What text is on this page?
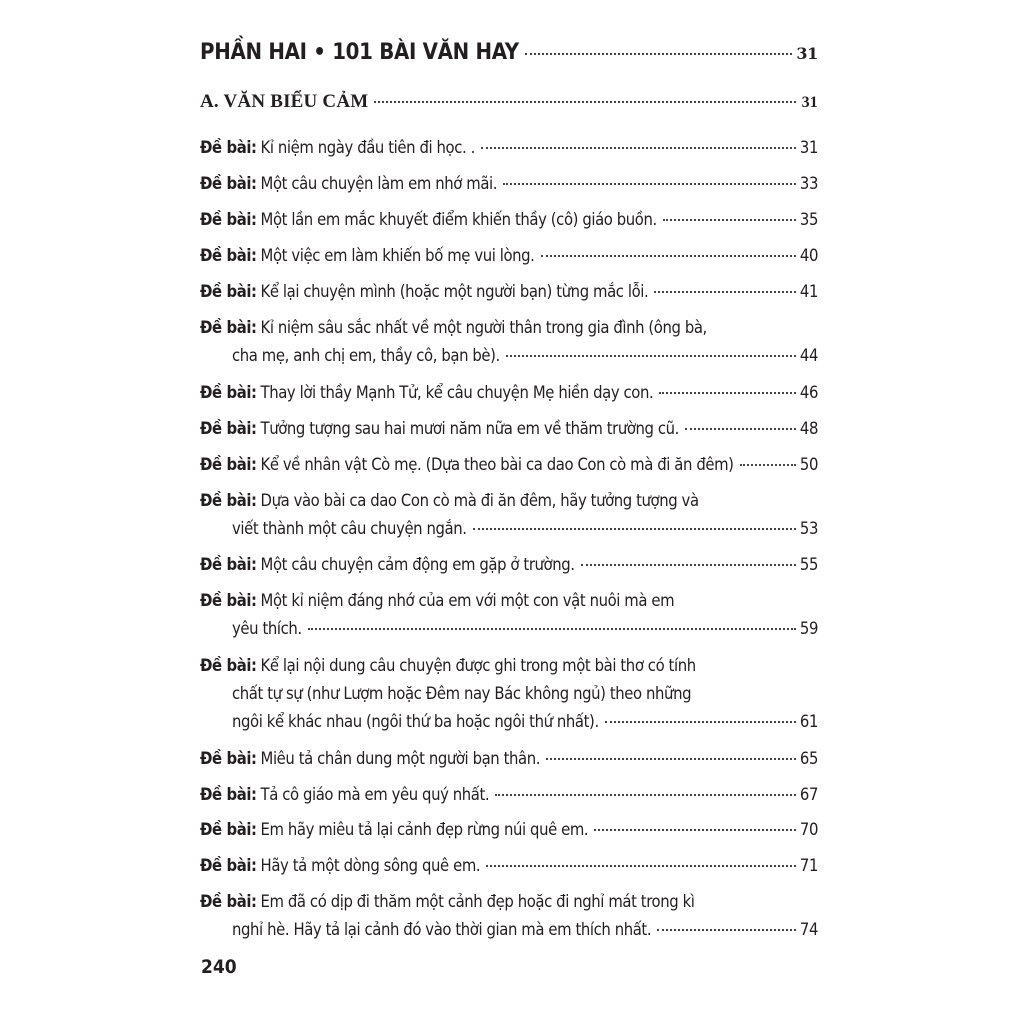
PHẦN HAI • 101 BÀI VĂN HAY	31
A. VĂN BIỂU CẢM	31
Đề bài: Kỉ niệm ngày đầu tiên đi học. .	31
Đề bài: Một câu chuyện làm em nhớ mãi.	33
Đề bài: Một lần em mắc khuyết điểm khiến thầy (cô) giáo buồn.	35
Đề bài: Một việc em làm khiến bố mẹ vui lòng.	40
Đề bài: Kể lại chuyện mình (hoặc một người bạn) từng mắc lỗi.	41
Đề bài: Kỉ niệm sâu sắc nhất về một người thân trong gia đình (ông bà,
cha mẹ, anh chị em, thầy cô, bạn bè).	44
Đề bài: Thay lời thầy Mạnh Tử, kể câu chuyện Mẹ hiền dạy con.	46
Đề bài: Tưởng tượng sau hai mươi năm nữa em về thăm trường cũ.	48
Đề bài: Kể về nhân vật Cò mẹ. (Dựa theo bài ca dao Con cò mà đi ăn đêm)	50
Đề bài: Dựa vào bài ca dao Con cò mà đi ăn đêm, hãy tưởng tượng và
viết thành một câu chuyện ngắn.	53
Đề bài: Một câu chuyện cảm động em gặp ở trường.	55
Đề bài: Một kỉ niệm đáng nhớ của em với một con vật nuôi mà em
yêu thích.	59
Đề bài: Kể lại nội dung câu chuyện được ghi trong một bài thơ có tính
chất tự sự (như Lượm hoặc Đêm nay Bác không ngủ) theo những
ngôi kể khác nhau (ngôi thứ ba hoặc ngôi thứ nhất).	61
Đề bài: Miêu tả chân dung một người bạn thân.	65
Đề bài: Tả cô giáo mà em yêu quý nhất.	67
Đề bài: Em hãy miêu tả lại cảnh đẹp rừng núi quê em.	70
Đề bài: Hãy tả một dòng sông quê em.	71
Đề bài: Em đã có dịp đi thăm một cảnh đẹp hoặc đi nghỉ mát trong kì
nghỉ hè. Hãy tả lại cảnh đó vào thời gian mà em thích nhất.	74
240
